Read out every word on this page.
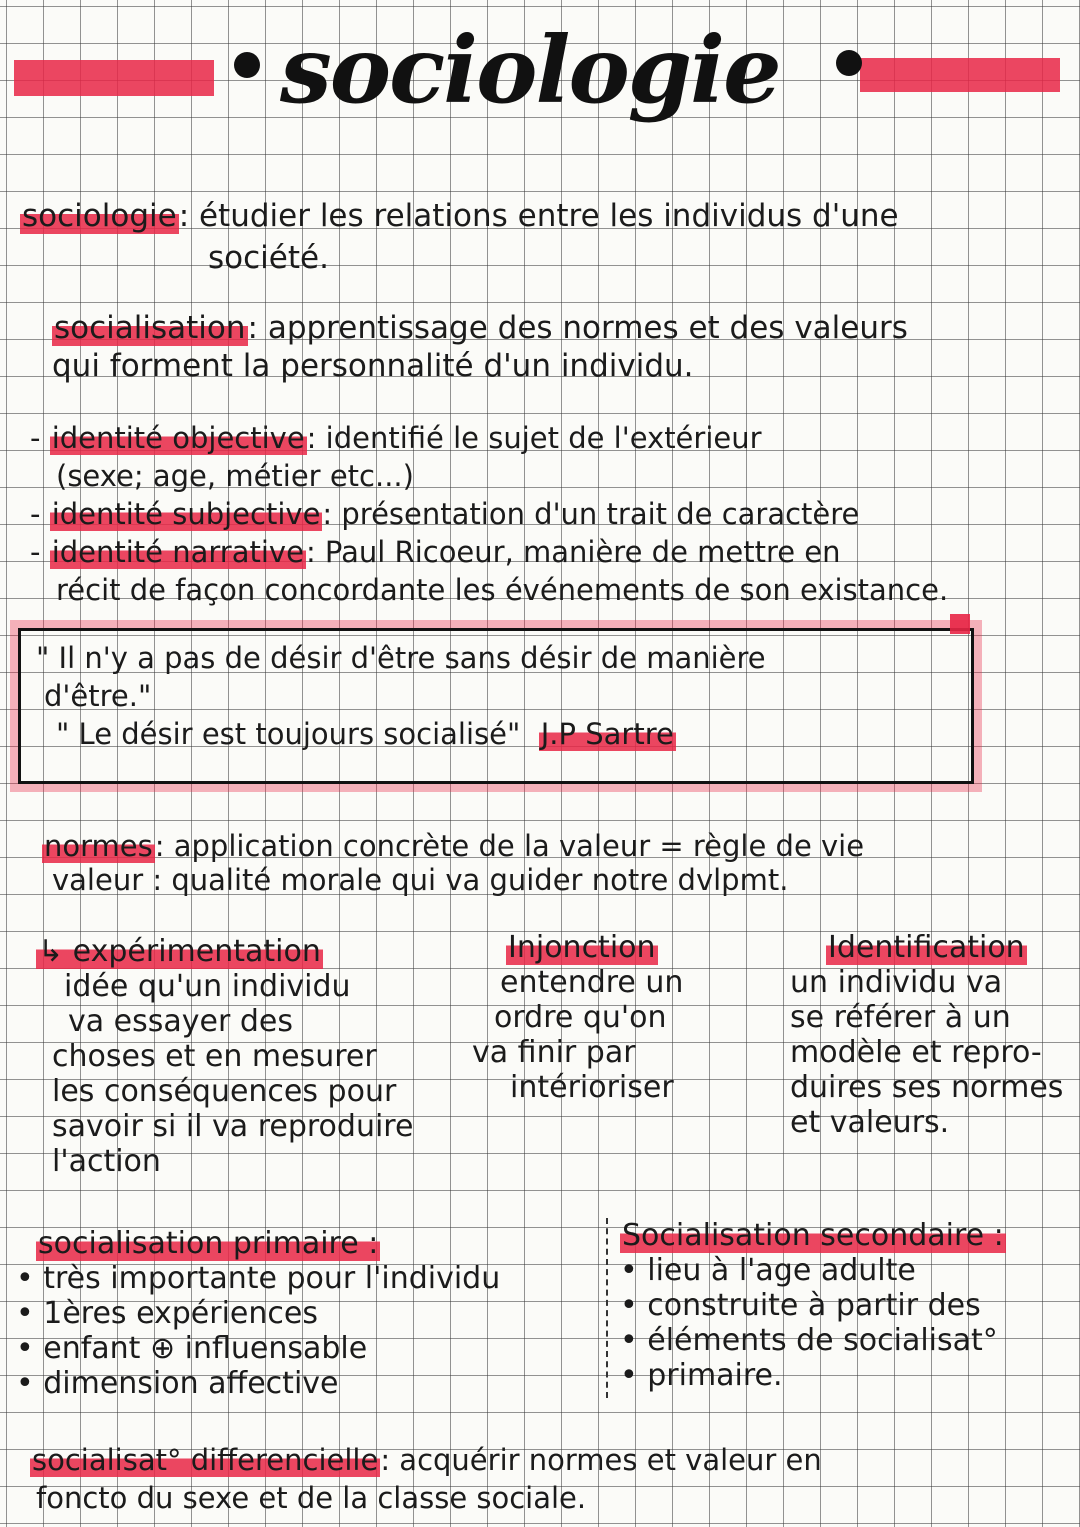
sociologie
sociologie: étudier les relations entre les individus d'une
société.
socialisation: apprentissage des normes et des valeurs
qui forment la personnalité d'un individu.
- identité objective: identifié le sujet de l'extérieur
(sexe; age, métier etc...)
- identité subjective: présentation d'un trait de caractère
- identité narrative: Paul Ricoeur, manière de mettre en
récit de façon concordante les événements de son existance.
" Il n'y a pas de désir d'être sans désir de manière
d'être."
" Le désir est toujours socialisé" J.P Sartre
normes: application concrète de la valeur = règle de vie
valeur : qualité morale qui va guider notre dvlpmt.
↳ expérimentation
idée qu'un individu
va essayer des
choses et en mesurer
les conséquences pour
savoir si il va reproduire
l'action
Injonction
entendre un
ordre qu'on
va finir par
intérioriser
Identification
un individu va
se référer à un
modèle et repro-
duires ses normes
et valeurs.
socialisation primaire :
• très importante pour l'individu
• 1ères expériences
• enfant ⊕ influensable
• dimension affective
Socialisation secondaire :
• lieu à l'age adulte
• construite à partir des
• éléments de socialisat°
• primaire.
socialisat° differencielle: acquérir normes et valeur en
foncto du sexe et de la classe sociale.
